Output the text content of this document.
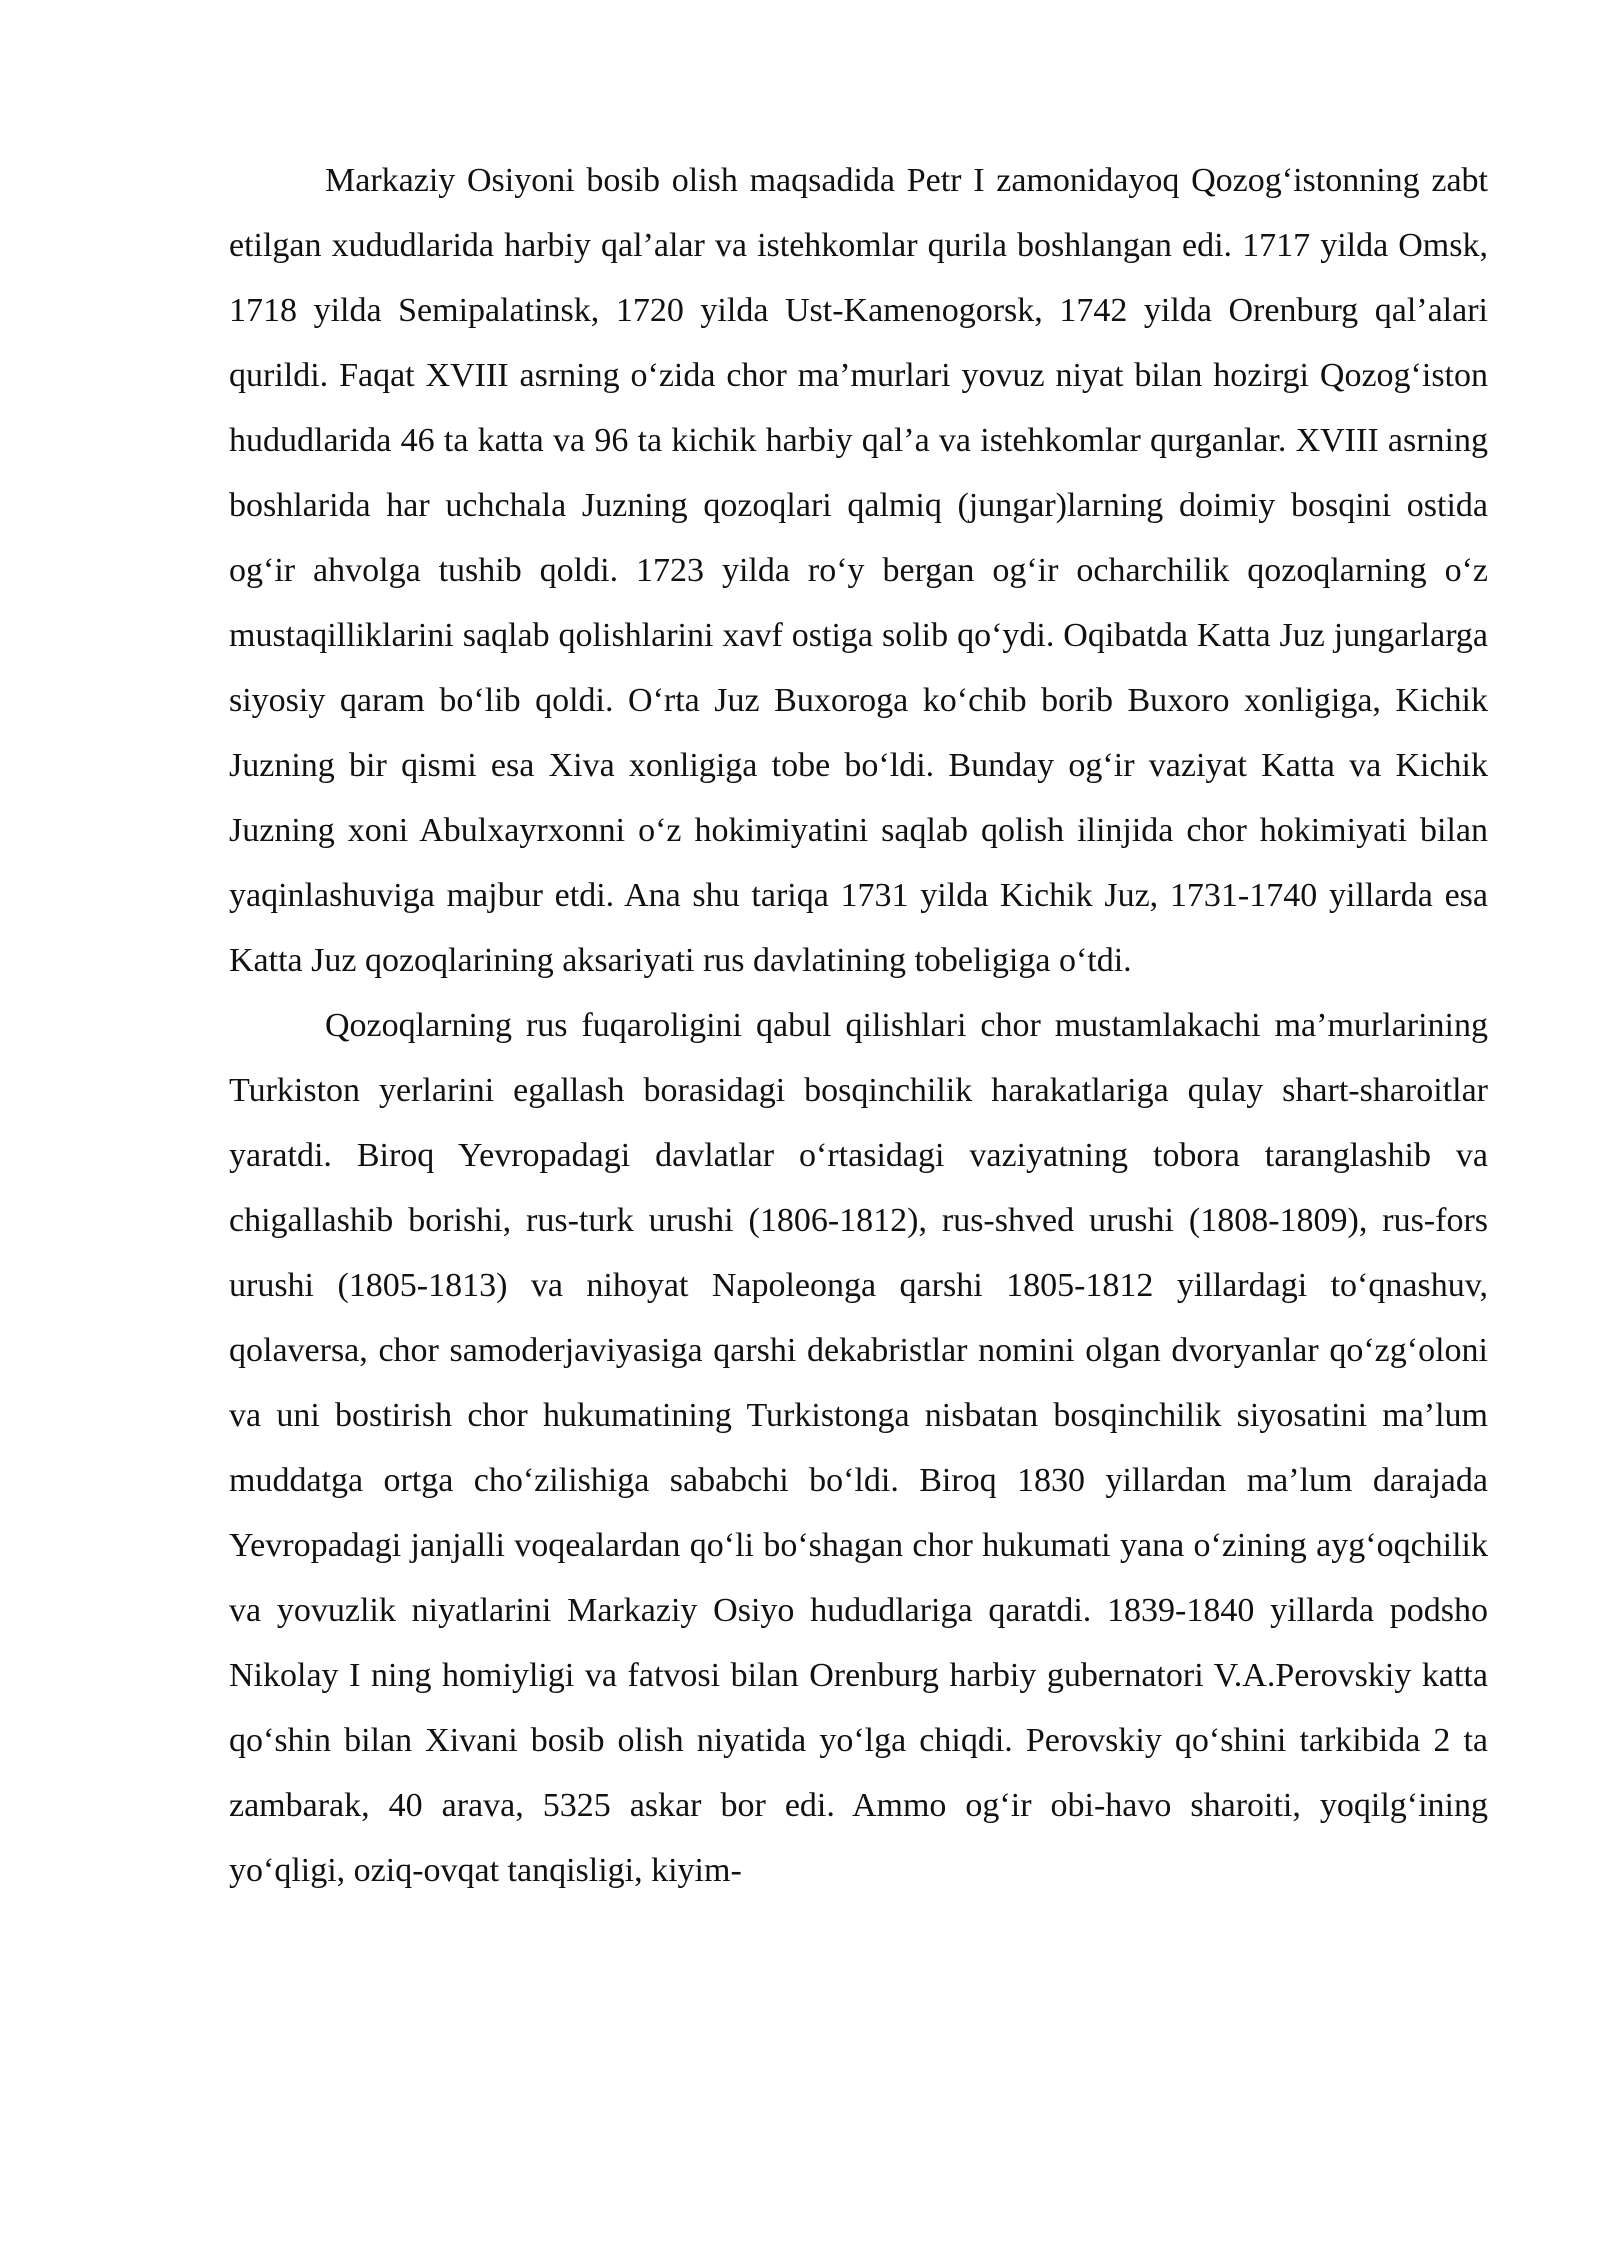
Markaziy Osiyoni bosib olish maqsadida Petr I zamonidayoq Qozog‘istonning zabt etilgan xududlarida harbiy qal’alar va istehkomlar qurila boshlangan edi. 1717 yilda Omsk, 1718 yilda Semipalatinsk, 1720 yilda Ust-Kamenogorsk, 1742 yilda Orenburg qal’alari qurildi. Faqat XVIII asrning o‘zida chor ma’murlari yovuz niyat bilan hozirgi Qozog‘iston hududlarida 46 ta katta va 96 ta kichik harbiy qal’a va istehkomlar qurganlar. XVIII asrning boshlarida har uchchala Juzning qozoqlari qalmiq (jungar)larning doimiy bosqini ostida og‘ir ahvolga tushib qoldi. 1723 yilda ro‘y bergan og‘ir ocharchilik qozoqlarning o‘z mustaqilliklarini saqlab qolishlarini xavf ostiga solib qo‘ydi. Oqibatda Katta Juz jungarlarga siyosiy qaram bo‘lib qoldi. O‘rta Juz Buxoroga ko‘chib borib Buxoro xonligiga, Kichik Juzning bir qismi esa Xiva xonligiga tobe bo‘ldi. Bunday og‘ir vaziyat Katta va Kichik Juzning xoni Abulxayrxonni o‘z hokimiyatini saqlab qolish ilinjida chor hokimiyati bilan yaqinlashuviga majbur etdi. Ana shu tariqa 1731 yilda Kichik Juz, 1731-1740 yillarda esa Katta Juz qozoqlarining aksariyati rus davlatining tobeligiga o‘tdi.

Qozoqlarning rus fuqaroligini qabul qilishlari chor mustamlakachi ma’murlarining Turkiston yerlarini egallash borasidagi bosqinchilik harakatlariga qulay shart-sharoitlar yaratdi. Biroq Yevropadagi davlatlar o‘rtasidagi vaziyatning tobora taranglashib va chigallashib borishi, rus-turk urushi (1806-1812), rus-shved urushi (1808-1809), rus-fors urushi (1805-1813) va nihoyat Napoleonga qarshi 1805-1812 yillardagi to‘qnashuv, qolaversa, chor samoderjaviyasiga qarshi dekabristlar nomini olgan dvoryanlar qo‘zg‘oloni va uni bostirish chor hukumatining Turkistonga nisbatan bosqinchilik siyosatini ma’lum muddatga ortga cho‘zilishiga sababchi bo‘ldi. Biroq 1830 yillardan ma’lum darajada Yevropadagi janjalli voqealardan qo‘li bo‘shagan chor hukumati yana o‘zining ayg‘oqchilik va yovuzlik niyatlarini Markaziy Osiyo hududlariga qaratdi. 1839-1840 yillarda podsho Nikolay I ning homiyligi va fatvosi bilan Orenburg harbiy gubernatori V.A.Perovskiy katta qo‘shin bilan Xivani bosib olish niyatida yo‘lga chiqdi. Perovskiy qo‘shini tarkibida 2 ta zambarak, 40 arava, 5325 askar bor edi. Ammo og‘ir obi-havo sharoiti, yoqilg‘ining yo‘qligi, oziq-ovqat tanqisligi, kiyim-
